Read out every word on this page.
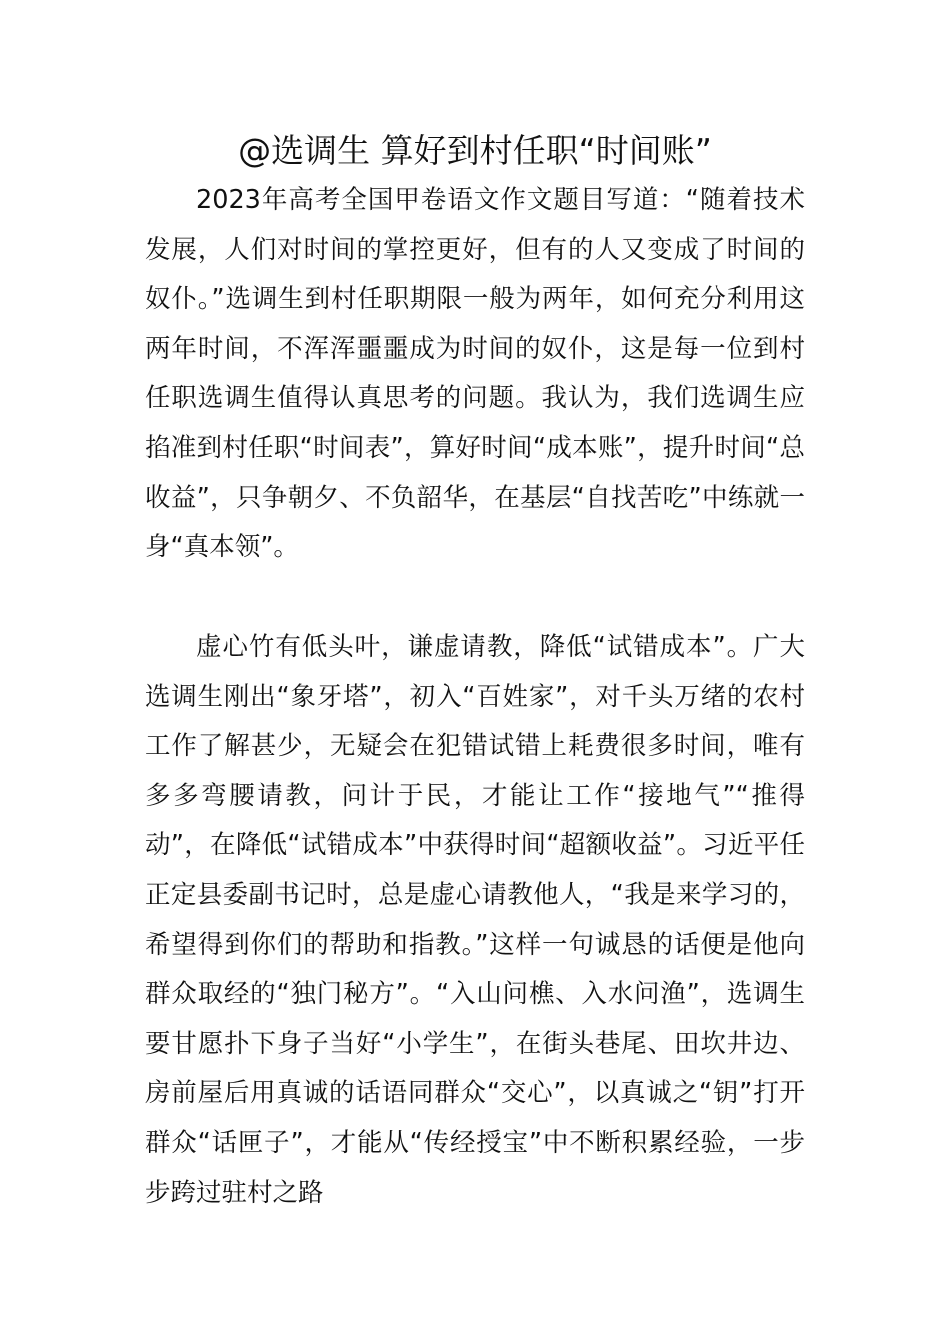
@选调生 算好到村任职“时间账”

2023年高考全国甲卷语文作文题目写道：“随着技术发展，人们对时间的掌控更好，但有的人又变成了时间的奴仆。”选调生到村任职期限一般为两年，如何充分利用这两年时间，不浑浑噩噩成为时间的奴仆，这是每一位到村任职选调生值得认真思考的问题。我认为，我们选调生应掐准到村任职“时间表”，算好时间“成本账”，提升时间“总收益”，只争朝夕、不负韶华，在基层“自找苦吃”中练就一身“真本领”。

虚心竹有低头叶，谦虚请教，降低“试错成本”。广大选调生刚出“象牙塔”，初入“百姓家”，对千头万绪的农村工作了解甚少，无疑会在犯错试错上耗费很多时间，唯有多多弯腰请教，问计于民，才能让工作“接地气”“推得动”，在降低“试错成本”中获得时间“超额收益”。习近平任正定县委副书记时，总是虚心请教他人，“我是来学习的，希望得到你们的帮助和指教。”这样一句诚恳的话便是他向群众取经的“独门秘方”。“入山问樵、入水问渔”，选调生要甘愿扑下身子当好“小学生”，在街头巷尾、田坎井边、房前屋后用真诚的话语同群众“交心”，以真诚之“钥”打开群众“话匣子”，才能从“传经授宝”中不断积累经验，一步步跨过驻村之路
